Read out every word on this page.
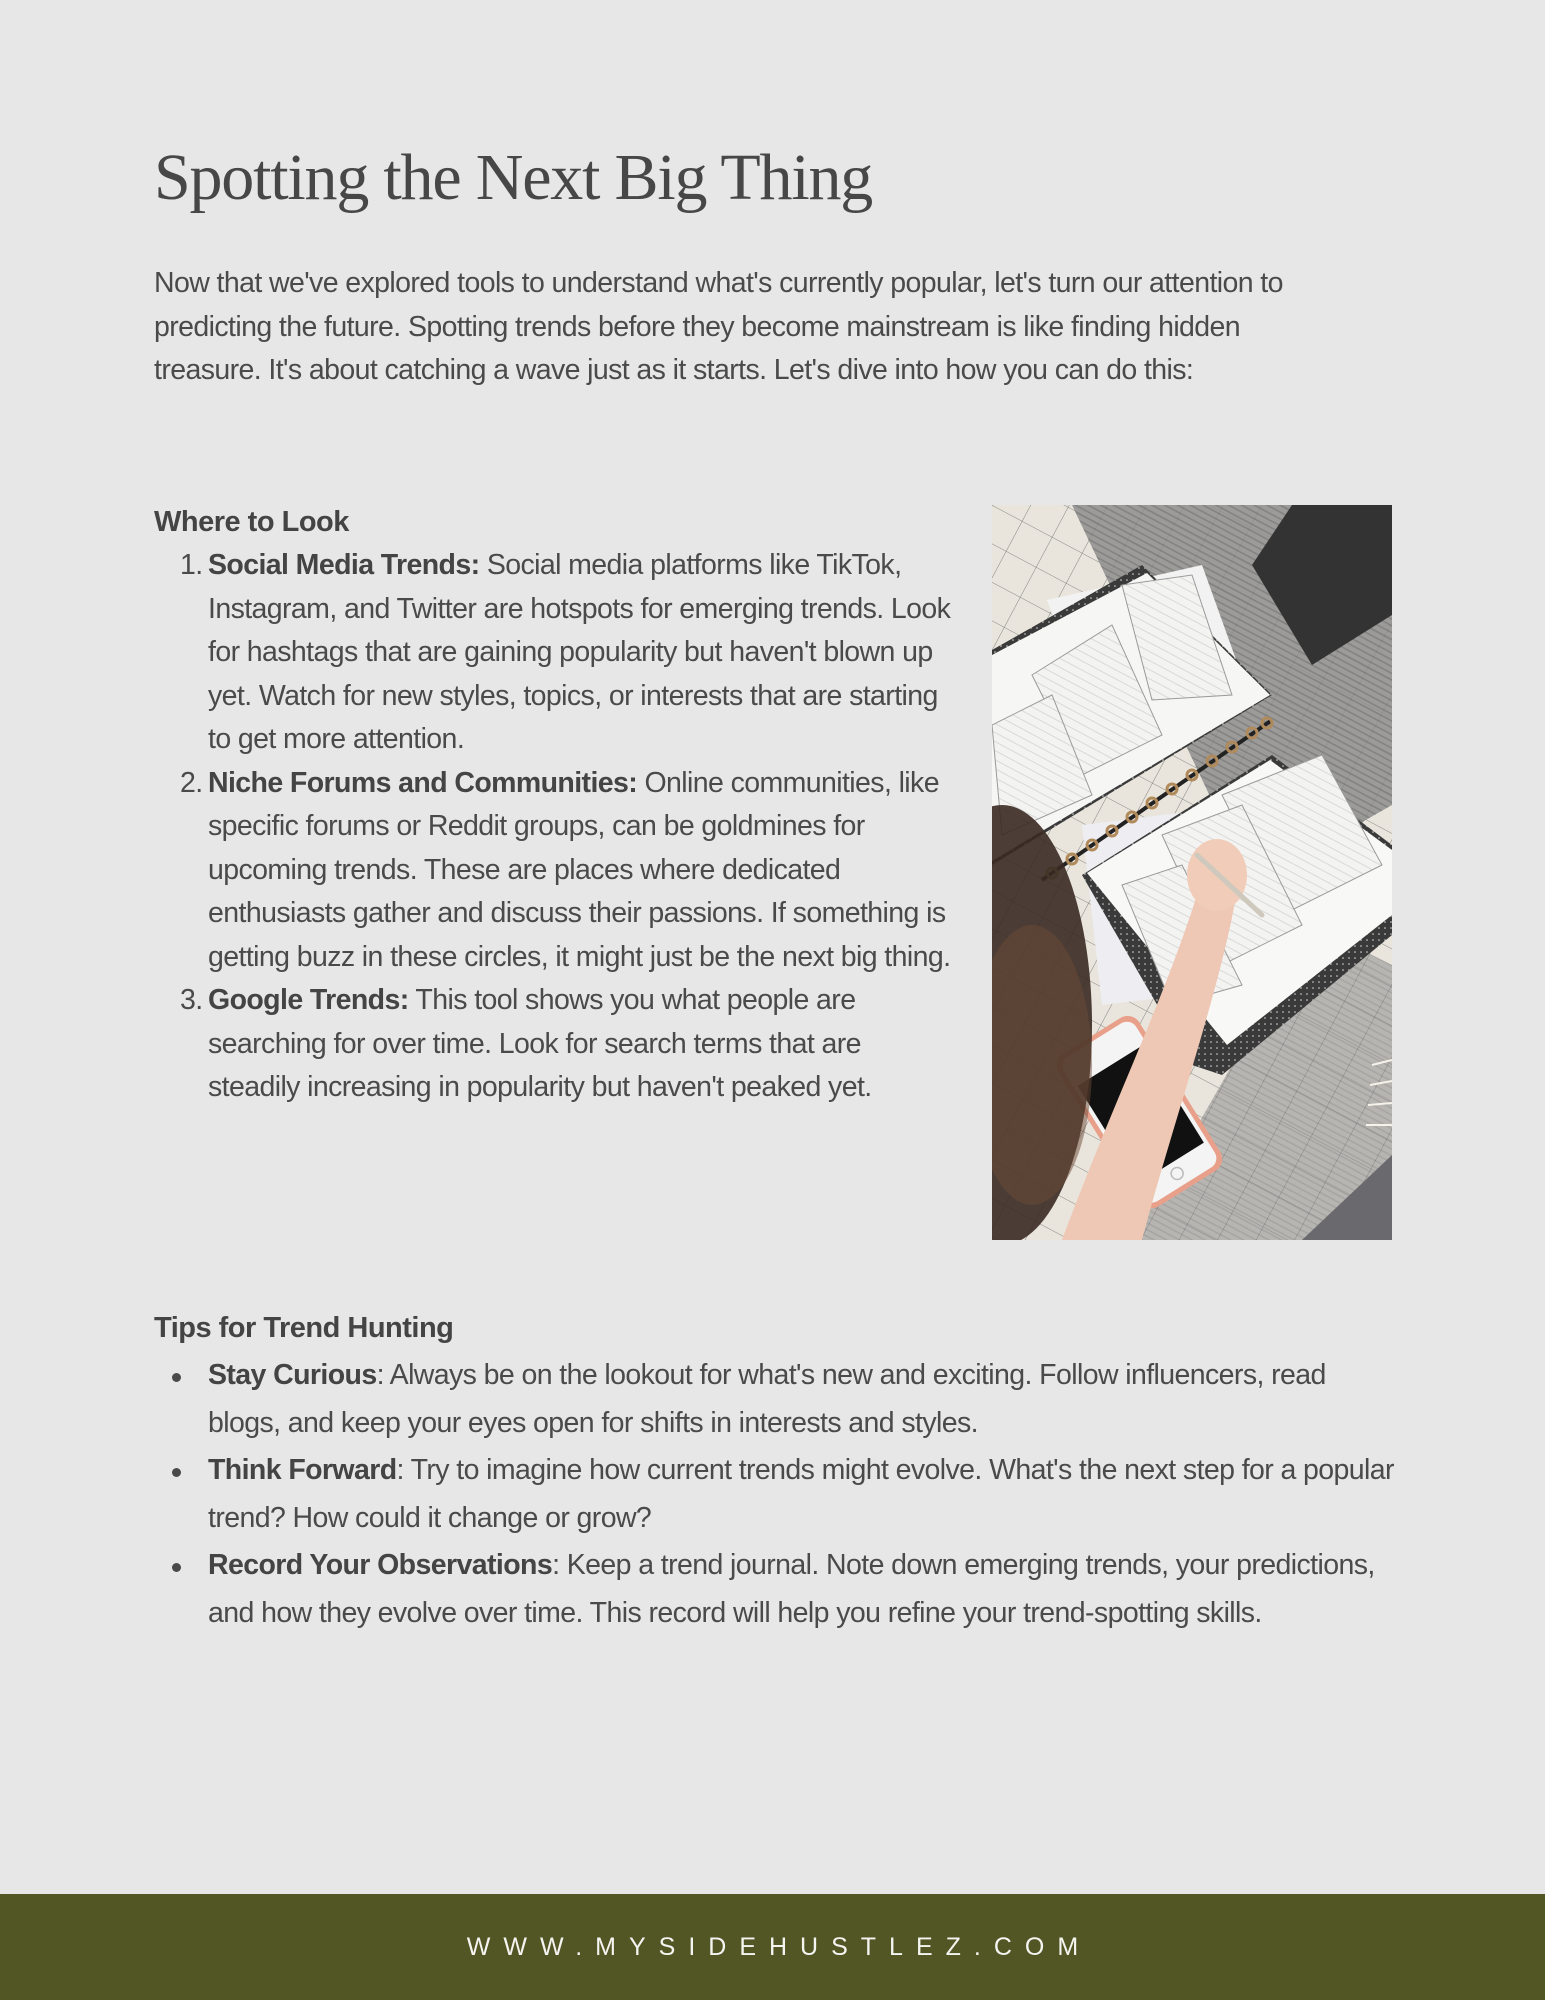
Spotting the Next Big Thing

Now that we've explored tools to understand what's currently popular, let's turn our attention to predicting the future. Spotting trends before they become mainstream is like finding hidden treasure. It's about catching a wave just as it starts. Let's dive into how you can do this:

Where to Look
1. Social Media Trends: Social media platforms like TikTok, Instagram, and Twitter are hotspots for emerging trends. Look for hashtags that are gaining popularity but haven't blown up yet. Watch for new styles, topics, or interests that are starting to get more attention.
2. Niche Forums and Communities: Online communities, like specific forums or Reddit groups, can be goldmines for upcoming trends. These are places where dedicated enthusiasts gather and discuss their passions. If something is getting buzz in these circles, it might just be the next big thing.
3. Google Trends: This tool shows you what people are searching for over time. Look for search terms that are steadily increasing in popularity but haven't peaked yet.
Tips for Trend Hunting
Stay Curious: Always be on the lookout for what's new and exciting. Follow influencers, read blogs, and keep your eyes open for shifts in interests and styles.
Think Forward: Try to imagine how current trends might evolve. What's the next step for a popular trend? How could it change or grow?
Record Your Observations: Keep a trend journal. Note down emerging trends, your predictions, and how they evolve over time. This record will help you refine your trend-spotting skills.
WWW.MYSIDEHUSTLEZ.COM
